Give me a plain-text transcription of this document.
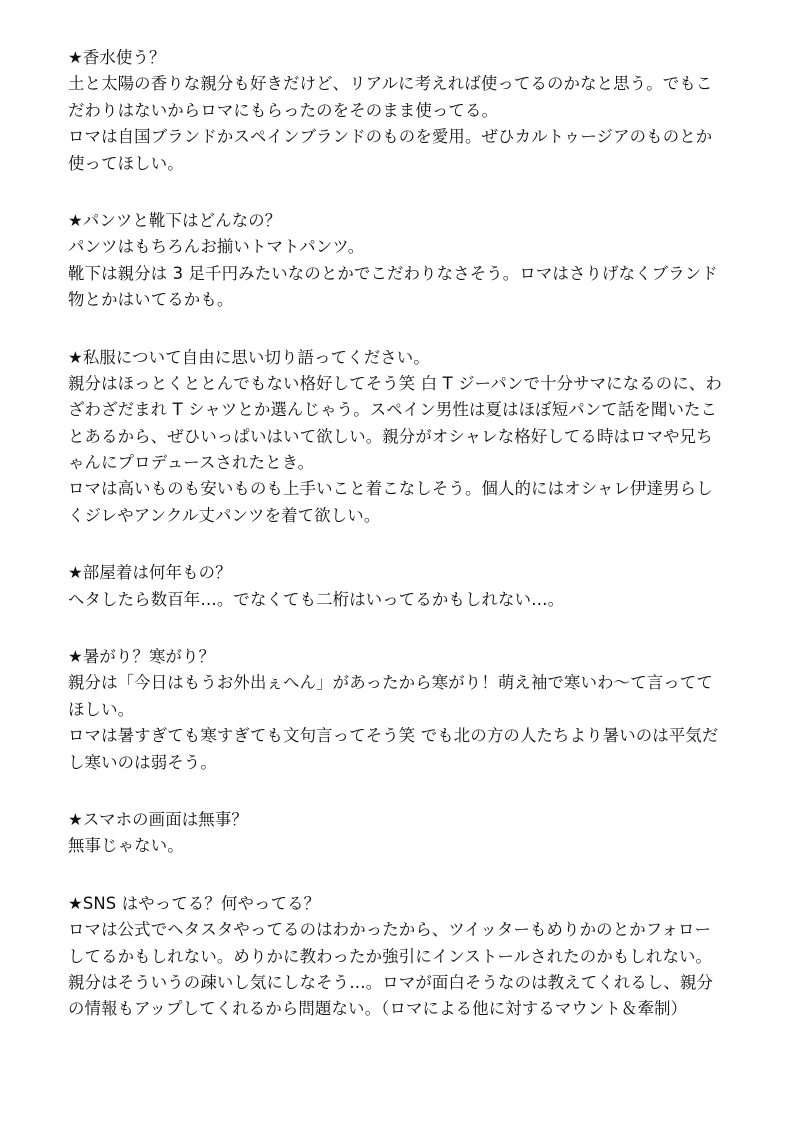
★香水使う？
土と太陽の香りな親分も好きだけど、リアルに考えれば使ってるのかなと思う。でもこ
だわりはないからロマにもらったのをそのまま使ってる。
ロマは自国ブランドかスペインブランドのものを愛用。ぜひカルトゥージアのものとか
使ってほしい。
★パンツと靴下はどんなの？
パンツはもちろんお揃いトマトパンツ。
靴下は親分は 3 足千円みたいなのとかでこだわりなさそう。ロマはさりげなくブランド
物とかはいてるかも。
★私服について自由に思い切り語ってください。
親分はほっとくととんでもない格好してそう笑 白 T ジーパンで十分サマになるのに、わ
ざわざだまれ T シャツとか選んじゃう。スペイン男性は夏はほぼ短パンて話を聞いたこ
とあるから、ぜひいっぱいはいて欲しい。親分がオシャレな格好してる時はロマや兄ち
ゃんにプロデュースされたとき。
ロマは高いものも安いものも上手いこと着こなしそう。個人的にはオシャレ伊達男らし
くジレやアンクル丈パンツを着て欲しい。
★部屋着は何年もの？
ヘタしたら数百年…。でなくても二桁はいってるかもしれない…。
★暑がり？寒がり？
親分は「今日はもうお外出ぇへん」があったから寒がり！萌え袖で寒いわ～て言ってて
ほしい。
ロマは暑すぎても寒すぎても文句言ってそう笑 でも北の方の人たちより暑いのは平気だ
し寒いのは弱そう。
★スマホの画面は無事？
無事じゃない。
★SNS はやってる？何やってる？
ロマは公式でヘタスタやってるのはわかったから、ツイッターもめりかのとかフォロー
してるかもしれない。めりかに教わったか強引にインストールされたのかもしれない。
親分はそういうの疎いし気にしなそう…。ロマが面白そうなのは教えてくれるし、親分
の情報もアップしてくれるから問題ない。（ロマによる他に対するマウント＆牽制）
